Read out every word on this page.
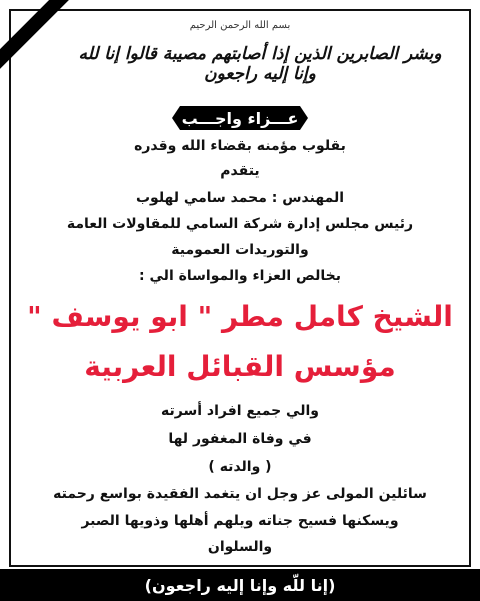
بسم الله الرحمن الرحيم
وبشر الصابرين الذين إذا أصابتهم مصيبة قالوا إنا لله وإنا إليه راجعون
عـــزاء واجـــب
بقلوب مؤمنه بقضاء الله وقدره
يتقدم
المهندس : محمد سامي لهلوب
رئيس مجلس إدارة شركة السامي للمقاولات العامة
والتوريدات العمومية
بخالص العزاء والمواساة الي :
الشيخ كامل مطر " ابو يوسف "
مؤسس القبائل العربية
والي جميع افراد أسرته
في وفاة المغفور لها
( والدته )
سائلين المولى عز وجل ان يتغمد الفقيدة بواسع رحمته
ويسكنها فسيح جناته ويلهم أهلها وذويها الصبر
والسلوان
(إنا للّه وإنا إليه راجعون)
